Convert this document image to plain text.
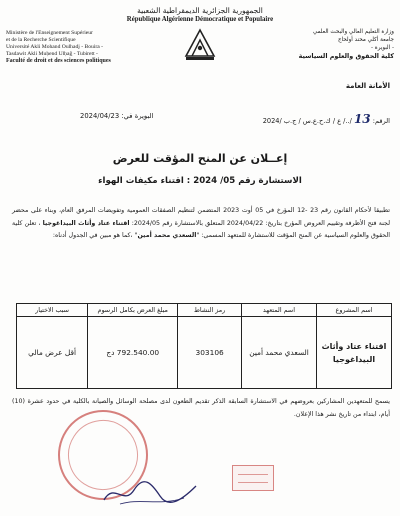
الجمهورية الجزائرية الديمقراطية الشعبية
République Algérienne Démocratique et Populaire
Ministère de l'Enseignement Supérieur
et de la Recherche Scientifique
Université Akli Mohand Oulhadj - Bouira -
Tasdawit Akli Muḥend Ulḥağ - Tubirett -
Faculté de droit et des sciences politiques
وزارة التعليم العالي والبحث العلمي
جامعة أكلي محند أولحاج
- البويرة -
كلية الحقوق والعلوم السياسية
الأمانة العامة
الرقم: 13 /../ ع / ك.ح.ع.س / ج.ب /2024
البويرة في: 2024/04/23
إعــلان عن المنح المؤقت للعرض
الاستشارة رقم 05/ 2024 : اقتناء مكيفات الهواء
تطبيقا لأحكام القانون رقم 23 -12 المؤرخ في 05 أوت 2023 المتضمن لتنظيم الصفقات العمومية وتفويضات المرفق العام، وبناء على محضر لجنة فتح الأظرفة وتقييم العروض المؤرخ بتاريخ: 2024/04/22 المتعلق بالاستشارة رقم 2024/05: اقتناء عتاد وأثاث البيداغوجيا ، تعلن كلية الحقوق والعلوم السياسية عن المنح المؤقت للاستشارة للمتعهد المسمى: "السعدي محمد أمين" ،كما هو مبين في الجدول أدناه:
اسم المشروع	اسم المتعهد	رمز النشاط	مبلغ العرض بكامل الرسوم	سبب الاختيار
اقتناء عتاد وأثاث البيداغوجيا	السعدي محمد أمين	303106	792.540.00 دج	أقل عرض مالي
يسمح للمتعهدين المشاركين بعروضهم في الاستشارة السابقة الذكر تقديم الطعون لدى مصلحة الوسائل والصيانة بالكلية في حدود عشرة (10) أيام، ابتداء من تاريخ نشر هذا الإعلان.
